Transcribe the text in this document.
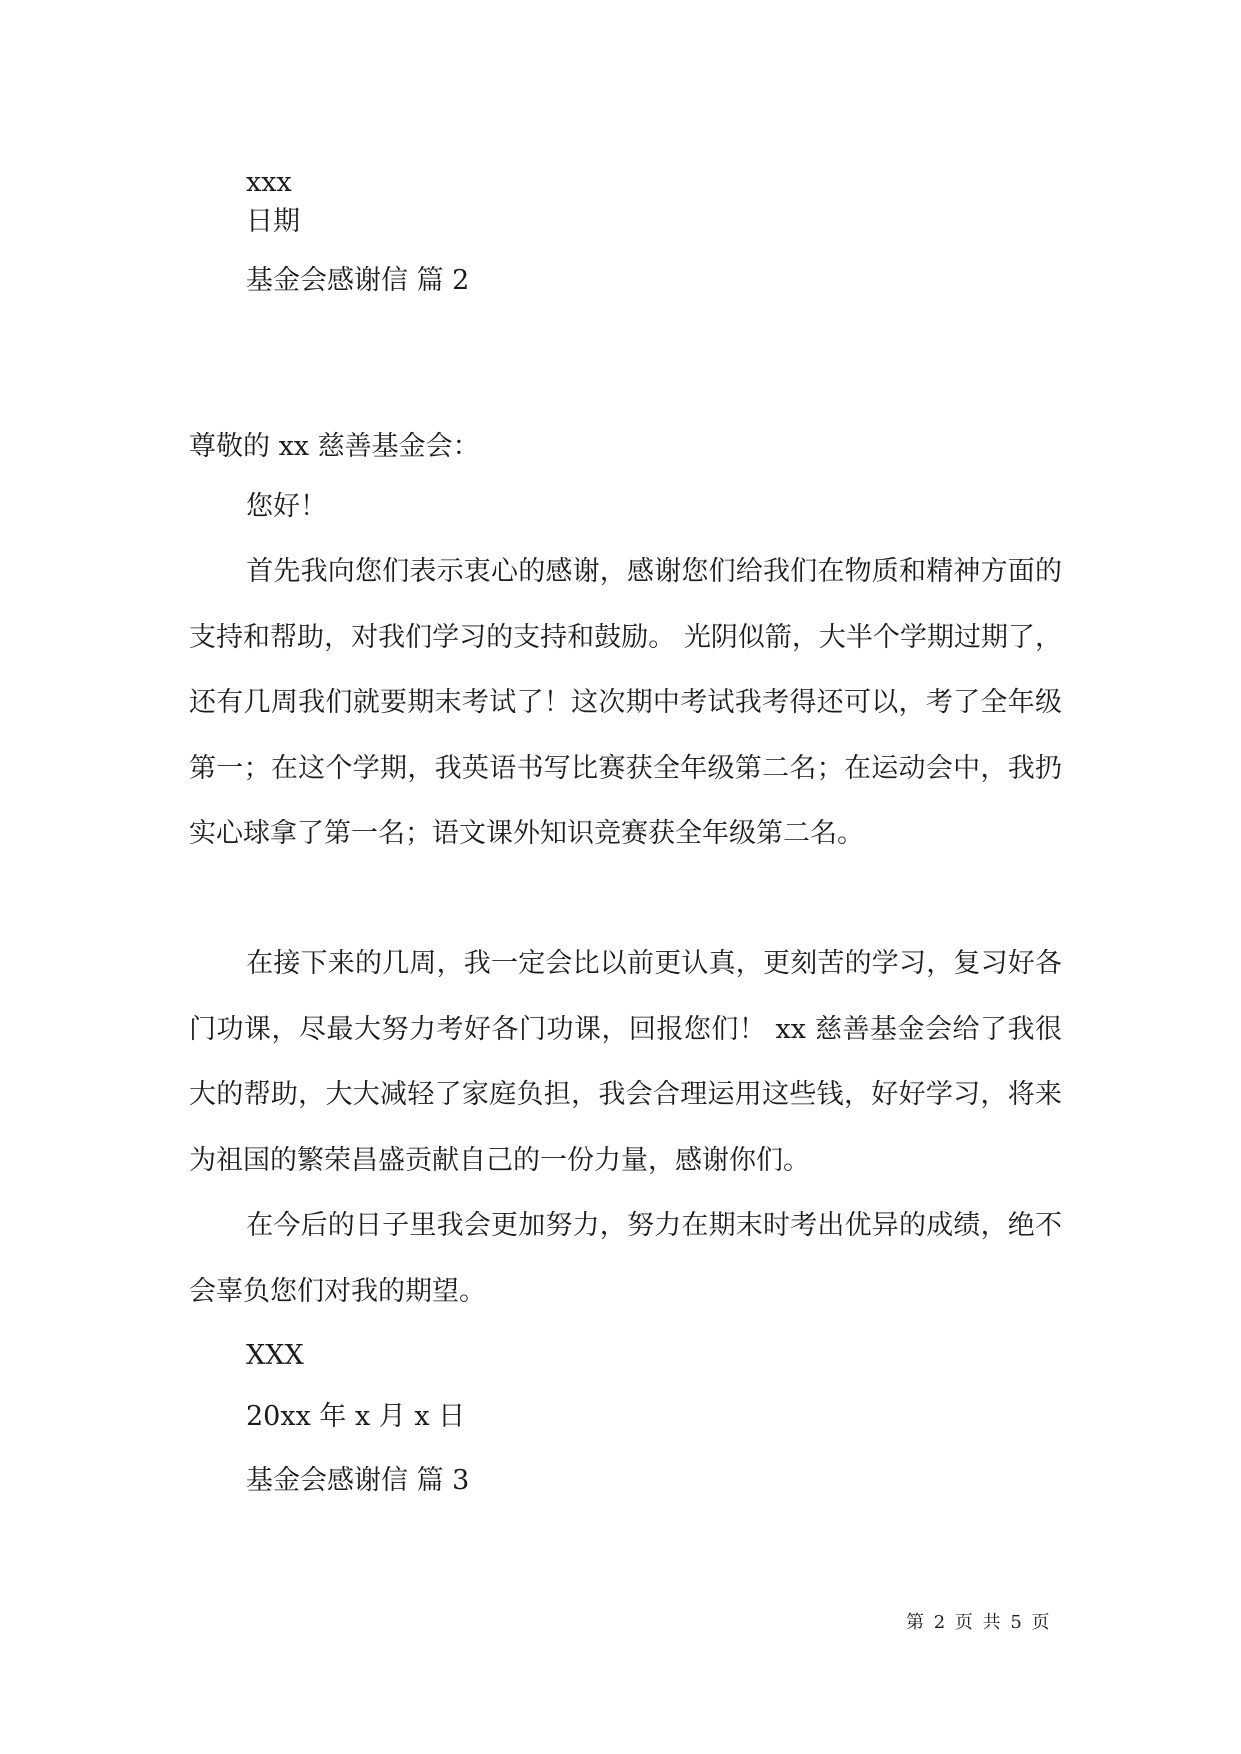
xxx

日期

基金会感谢信 篇 2

尊敬的 xx 慈善基金会：

您好！

首先我向您们表示衷心的感谢，感谢您们给我们在物质和精神方面的支持和帮助，对我们学习的支持和鼓励。 光阴似箭，大半个学期过期了，还有几周我们就要期末考试了！这次期中考试我考得还可以，考了全年级第一；在这个学期，我英语书写比赛获全年级第二名；在运动会中，我扔实心球拿了第一名；语文课外知识竞赛获全年级第二名。

在接下来的几周，我一定会比以前更认真，更刻苦的学习，复习好各门功课，尽最大努力考好各门功课，回报您们！ xx 慈善基金会给了我很大的帮助，大大减轻了家庭负担，我会合理运用这些钱，好好学习，将来为祖国的繁荣昌盛贡献自己的一份力量，感谢你们。

在今后的日子里我会更加努力，努力在期末时考出优异的成绩，绝不会辜负您们对我的期望。

XXX

20xx 年 x 月 x 日

基金会感谢信 篇 3

第 2 页 共 5 页
